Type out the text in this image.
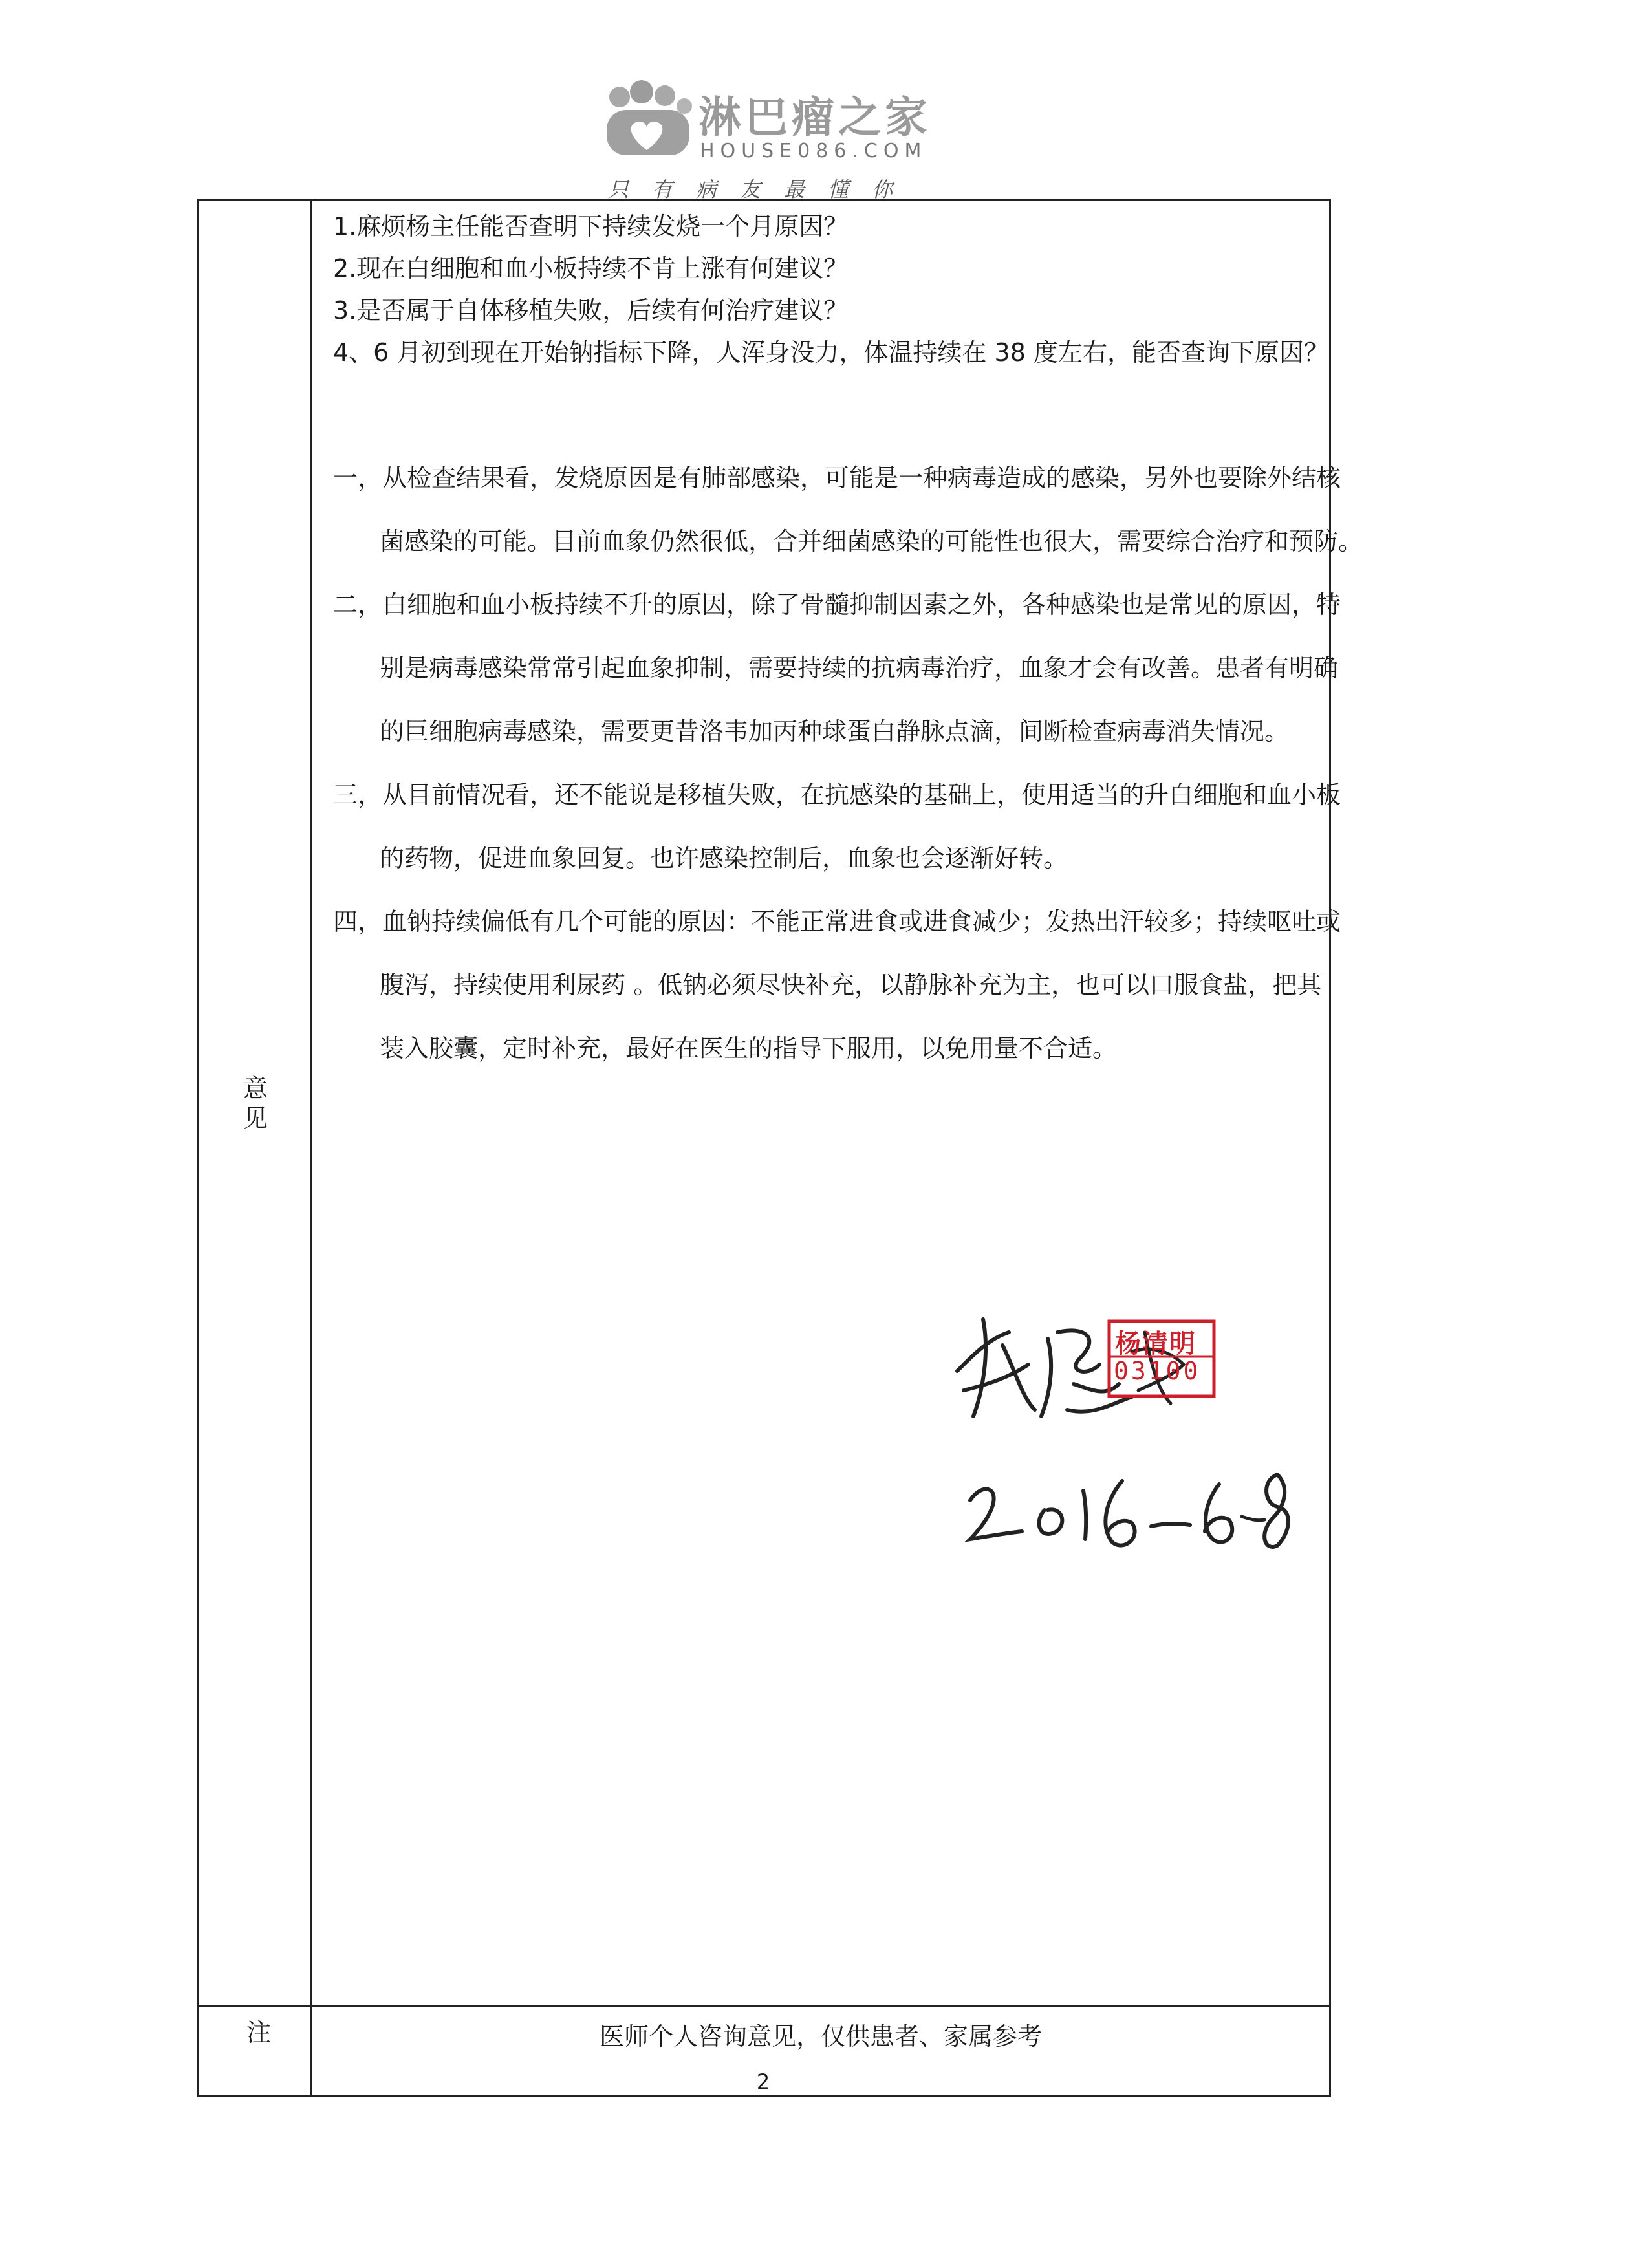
淋巴瘤之家
HOUSE086.COM
只有病友最懂你
意见
注	医师个人咨询意见，仅供患者、家属参考
1.麻烦杨主任能否查明下持续发烧一个月原因？
2.现在白细胞和血小板持续不肯上涨有何建议？
3.是否属于自体移植失败，后续有何治疗建议？
4、6 月初到现在开始钠指标下降，人浑身没力，体温持续在 38 度左右，能否查询下原因？
一，从检查结果看，发烧原因是有肺部感染，可能是一种病毒造成的感染，另外也要除外结核
菌感染的可能。目前血象仍然很低，合并细菌感染的可能性也很大，需要综合治疗和预防。
二，白细胞和血小板持续不升的原因，除了骨髓抑制因素之外，各种感染也是常见的原因，特
别是病毒感染常常引起血象抑制，需要持续的抗病毒治疗，血象才会有改善。患者有明确
的巨细胞病毒感染，需要更昔洛韦加丙种球蛋白静脉点滴，间断检查病毒消失情况。
三，从目前情况看，还不能说是移植失败，在抗感染的基础上，使用适当的升白细胞和血小板
的药物，促进血象回复。也许感染控制后，血象也会逐渐好转。
四，血钠持续偏低有几个可能的原因：不能正常进食或进食减少；发热出汗较多；持续呕吐或
腹泻，持续使用利尿药 。低钠必须尽快补充，以静脉补充为主，也可以口服食盐，把其
装入胶囊，定时补充，最好在医生的指导下服用，以免用量不合适。
杨清明
03100
2
